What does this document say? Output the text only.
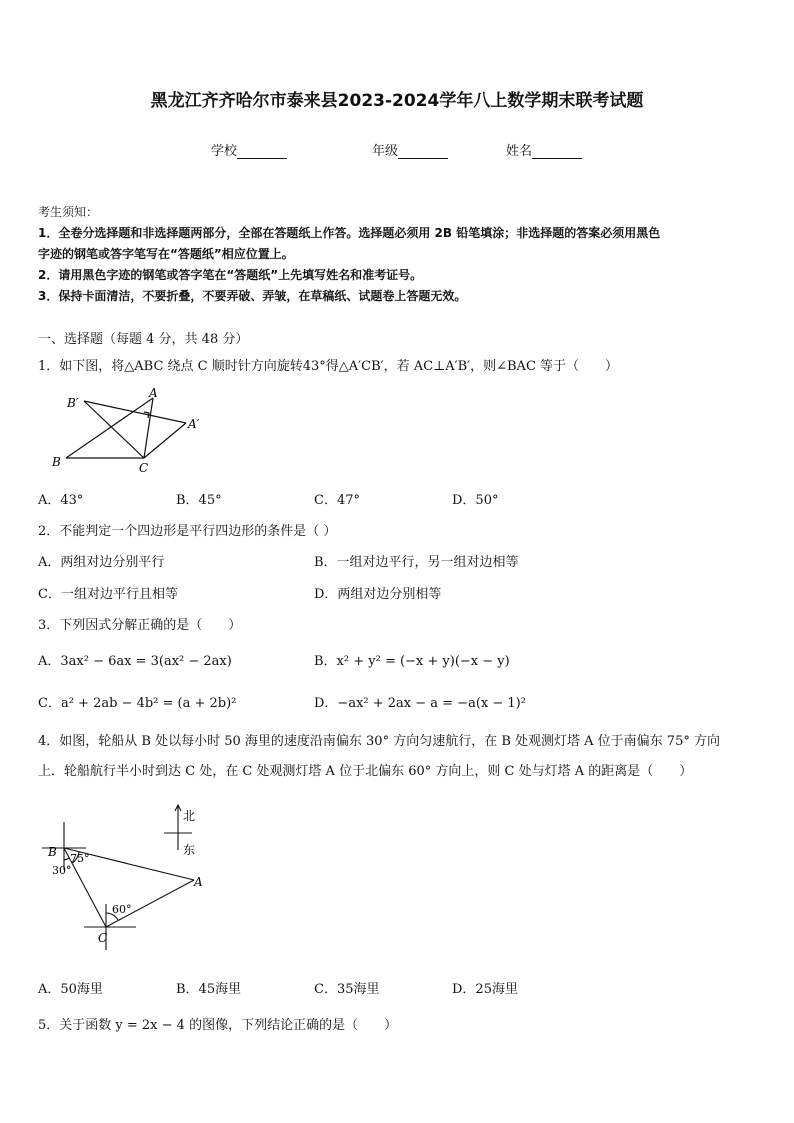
黑龙江齐齐哈尔市泰来县2023-2024学年八上数学期末联考试题
学校	年级	姓名
考生须知：
1．全卷分选择题和非选择题两部分，全部在答题纸上作答。选择题必须用 2B 铅笔填涂；非选择题的答案必须用黑色
字迹的钢笔或答字笔写在“答题纸”相应位置上。
2．请用黑色字迹的钢笔或答字笔在“答题纸”上先填写姓名和准考证号。
3．保持卡面清洁，不要折叠，不要弄破、弄皱，在草稿纸、试题卷上答题无效。
一、选择题（每题 4 分，共 48 分）
1．如下图，将△ABC 绕点 C 顺时针方向旋转43°得△A′CB′，若 AC⊥A′B′，则∠BAC 等于（　　）
B′
A
A′
B	C
A．43°	B．45°	C．47°	D．50°
2．不能判定一个四边形是平行四边形的条件是（ ）
A．两组对边分别平行	B．一组对边平行，另一组对边相等
C．一组对边平行且相等	D．两组对边分别相等
3．下列因式分解正确的是（　　）
A．3ax² − 6ax = 3(ax² − 2ax)	B．x² + y² = (−x + y)(−x − y)
C．a² + 2ab − 4b² = (a + 2b)²	D．−ax² + 2ax − a = −a(x − 1)²
4．如图，轮船从 B 处以每小时 50 海里的速度沿南偏东 30° 方向匀速航行，在 B 处观测灯塔 A 位于南偏东 75° 方向
上．轮船航行半小时到达 C 处，在 C 处观测灯塔 A 位于北偏东 60° 方向上，则 C 处与灯塔 A 的距离是（　　）
北
东
B 75°
30°
A
60°
C
A．50海里	B．45海里	C．35海里	D．25海里
5．关于函数 y = 2x − 4 的图像，下列结论正确的是（　　）
